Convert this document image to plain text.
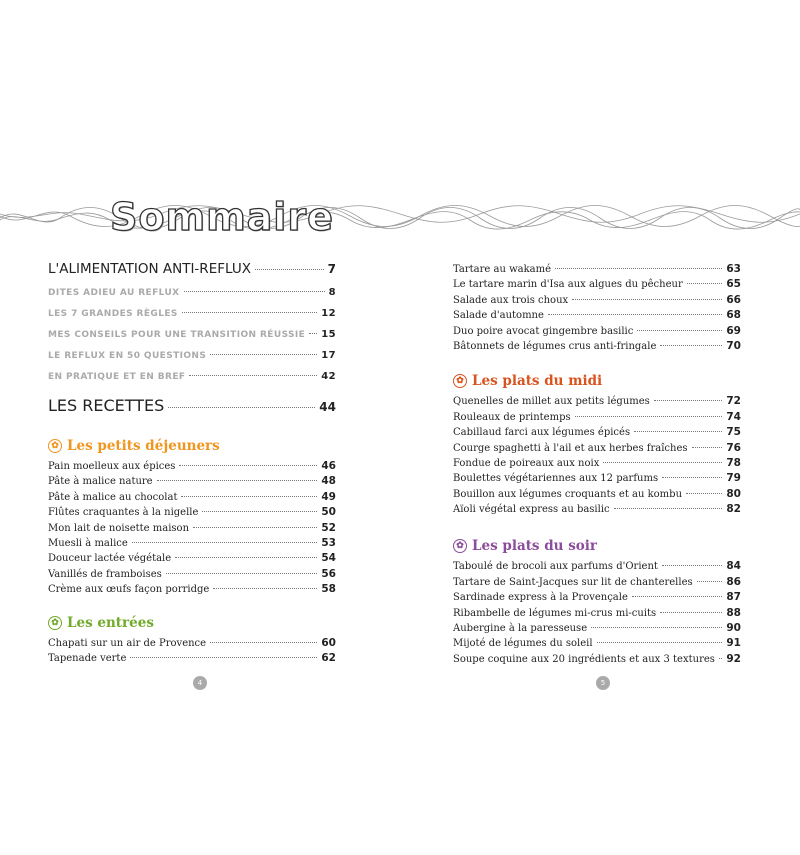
Sommaire
L'ALIMENTATION ANTI-REFLUX	7
DITES ADIEU AU REFLUX	8
LES 7 GRANDES RÈGLES	12
MES CONSEILS POUR UNE TRANSITION RÉUSSIE 15
LE REFLUX EN 50 QUESTIONS	17
EN PRATIQUE ET EN BREF	42
LES RECETTES	44
✿ Les petits déjeuners
Pain moelleux aux épices	46
Pâte à malice nature	48
Pâte à malice au chocolat	49
Flûtes craquantes à la nigelle	50
Mon lait de noisette maison	52
Muesli à malice	53
Douceur lactée végétale	54
Vanillés de framboises	56
Crème aux œufs façon porridge	58
✿ Les entrées
Chapati sur un air de Provence	60
Tapenade verte	62
Tartare au wakamé	63
Le tartare marin d'Isa aux algues du pêcheur	65
Salade aux trois choux	66
Salade d'automne	68
Duo poire avocat gingembre basilic	69
Bâtonnets de légumes crus anti-fringale	70
✿ Les plats du midi
Quenelles de millet aux petits légumes	72
Rouleaux de printemps	74
Cabillaud farci aux légumes épicés	75
Courge spaghetti à l'ail et aux herbes fraîches	76
Fondue de poireaux aux noix	78
Boulettes végétariennes aux 12 parfums	79
Bouillon aux légumes croquants et au kombu	80
Aïoli végétal express au basilic	82
✿ Les plats du soir
Taboulé de brocoli aux parfums d'Orient	84
Tartare de Saint-Jacques sur lit de chanterelles	86
Sardinade express à la Provençale	87
Ribambelle de légumes mi-crus mi-cuits	88
Aubergine à la paresseuse	90
Mijoté de légumes du soleil	91
Soupe coquine aux 20 ingrédients et aux 3 textures 92
4	5
